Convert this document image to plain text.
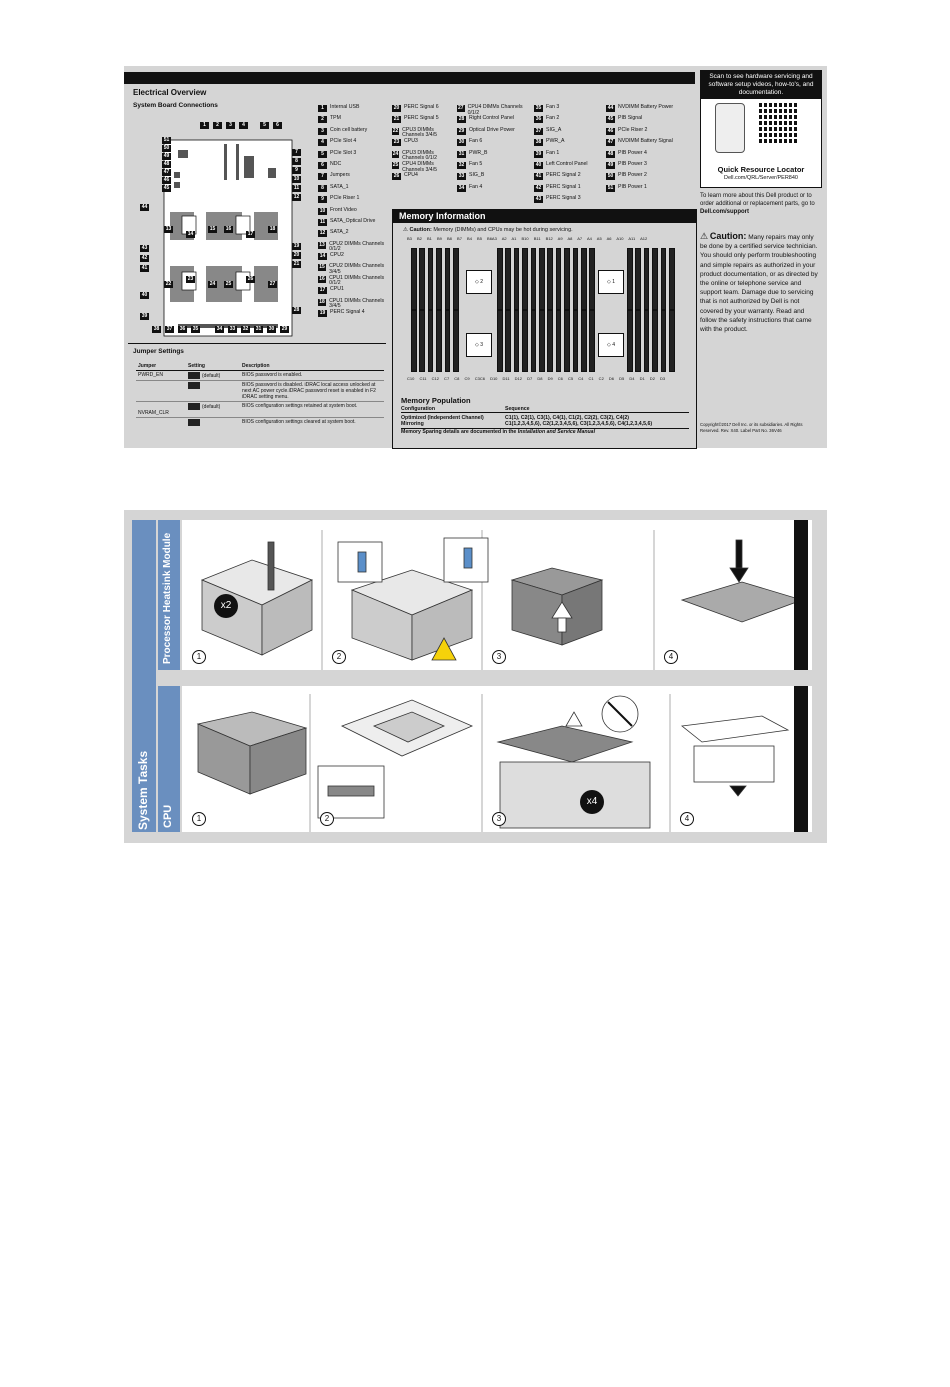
Electrical Overview
System Board Connections
1	2	3	4	5	6
51
50
49
48
47
46
45
44
43
42
41
40
39
7
8
9
10
11
12
19
20
21
28
38	37	36	35	34	33	32	31	30	29
13
14
15	16
17
18
22
23
24	25
26
27
1	Internal USB
2	TPM
3	Coin cell battery
4	PCIe Slot 4
5	PCIe Slot 3
6	NDC
7	Jumpers
8	SATA_1
9	PCIe Riser 1
10 Front Video
11 SATA_Optical Drive
12 SATA_2
13 CPU2 DIMMs Channels 0/1/2
14 CPU2
15 CPU2 DIMMs Channels 3/4/5
16 CPU1 DIMMs Channels 0/1/2
17 CPU1
18 CPU1 DIMMs Channels 3/4/5
19 PERC Signal 4
20 PERC Signal 6
21 PERC Signal 5
22 CPU3 DIMMs Channels 3/4/5
23 CPU3
24 CPU3 DIMMs Channels 0/1/2
25 CPU4 DIMMs Channels 3/4/5
26 CPU4
27 CPU4 DIMMs Channels 0/1/2
28 Right Control Panel
29 Optical Drive Power
30 Fan 6
31 PWR_B
32 Fan 5
33 SIG_B
34 Fan 4
35 Fan 3
36 Fan 2
37 SIG_A
38 PWR_A
39 Fan 1
40 Left Control Panel
41 PERC Signal 2
42 PERC Signal 1
43 PERC Signal 3
44 NVDIMM Battery Power
45 PIB Signal
46 PCIe Riser 2
47 NVDIMM Battery Signal
48 PIB Power 4
49 PIB Power 3
50 PIB Power 2
51 PIB Power 1
Jumper Settings
Jumper	Setting	Description
PWRD_EN	(default)	BIOS password is enabled.
		BIOS password is disabled. iDRAC local access unlocked at next AC power cycle.iDRAC password reset is enabled in F2 iDRAC setting menu.
NVRAM_CLR	(default)	BIOS configuration settings retained at system boot.
		BIOS configuration settings cleared at system boot.
Memory Information
⚠ Caution: Memory (DIMMs) and CPUs may be hot during servicing.
B3 B2 B1 B9 B8 B7 B4 B5 B6A3 A2 A1 B10 B11 B12 A9 A8 A7 A4 A5 A6 A10 A11 A12
C10 C11 C12 C7 C8 C9 C3C6 D10 D11 D12 D7 D8 D9 C6 C5 C4 C1 C2 D6 D5 D4 D1 D2 D3
◇ 2	◇ 1
◇ 3	◇ 4
Memory Population
Configuration	Sequence
Optimized (Independent Channel)	C1(1), C2(1), C3(1), C4(1), C1(2), C2(2), C3(2), C4(2)
Mirroring	C1(1,2,3,4,5,6), C2(1,2,3,4,5,6), C3(1,2,3,4,5,6), C4(1,2,3,4,5,6)
Memory Sparing details are documented in the Installation and Service Manual
Scan to see hardware servicing and software setup videos, how-to's, and documentation.
Quick Resource Locator
Dell.com/QRL/Server/PER840
To learn more about this Dell product or to order additional or replacement parts, go to Dell.com/support
⚠ Caution: Many repairs may only be done by a certified service technician. You should only perform troubleshooting and simple repairs as authorized in your product documentation, or as directed by the online or telephone service and support team. Damage due to servicing that is not authorized by Dell is not covered by your warranty. Read and follow the safety instructions that came with the product.
Copyright©2017 Dell Inc. or its subsidiaries. All Rights Reserved. Rev. X40. Label Part No. 36V46
System Tasks
Processor Heatsink Module
CPU
1	2	3	4
x2
1	2	3	4
x4
